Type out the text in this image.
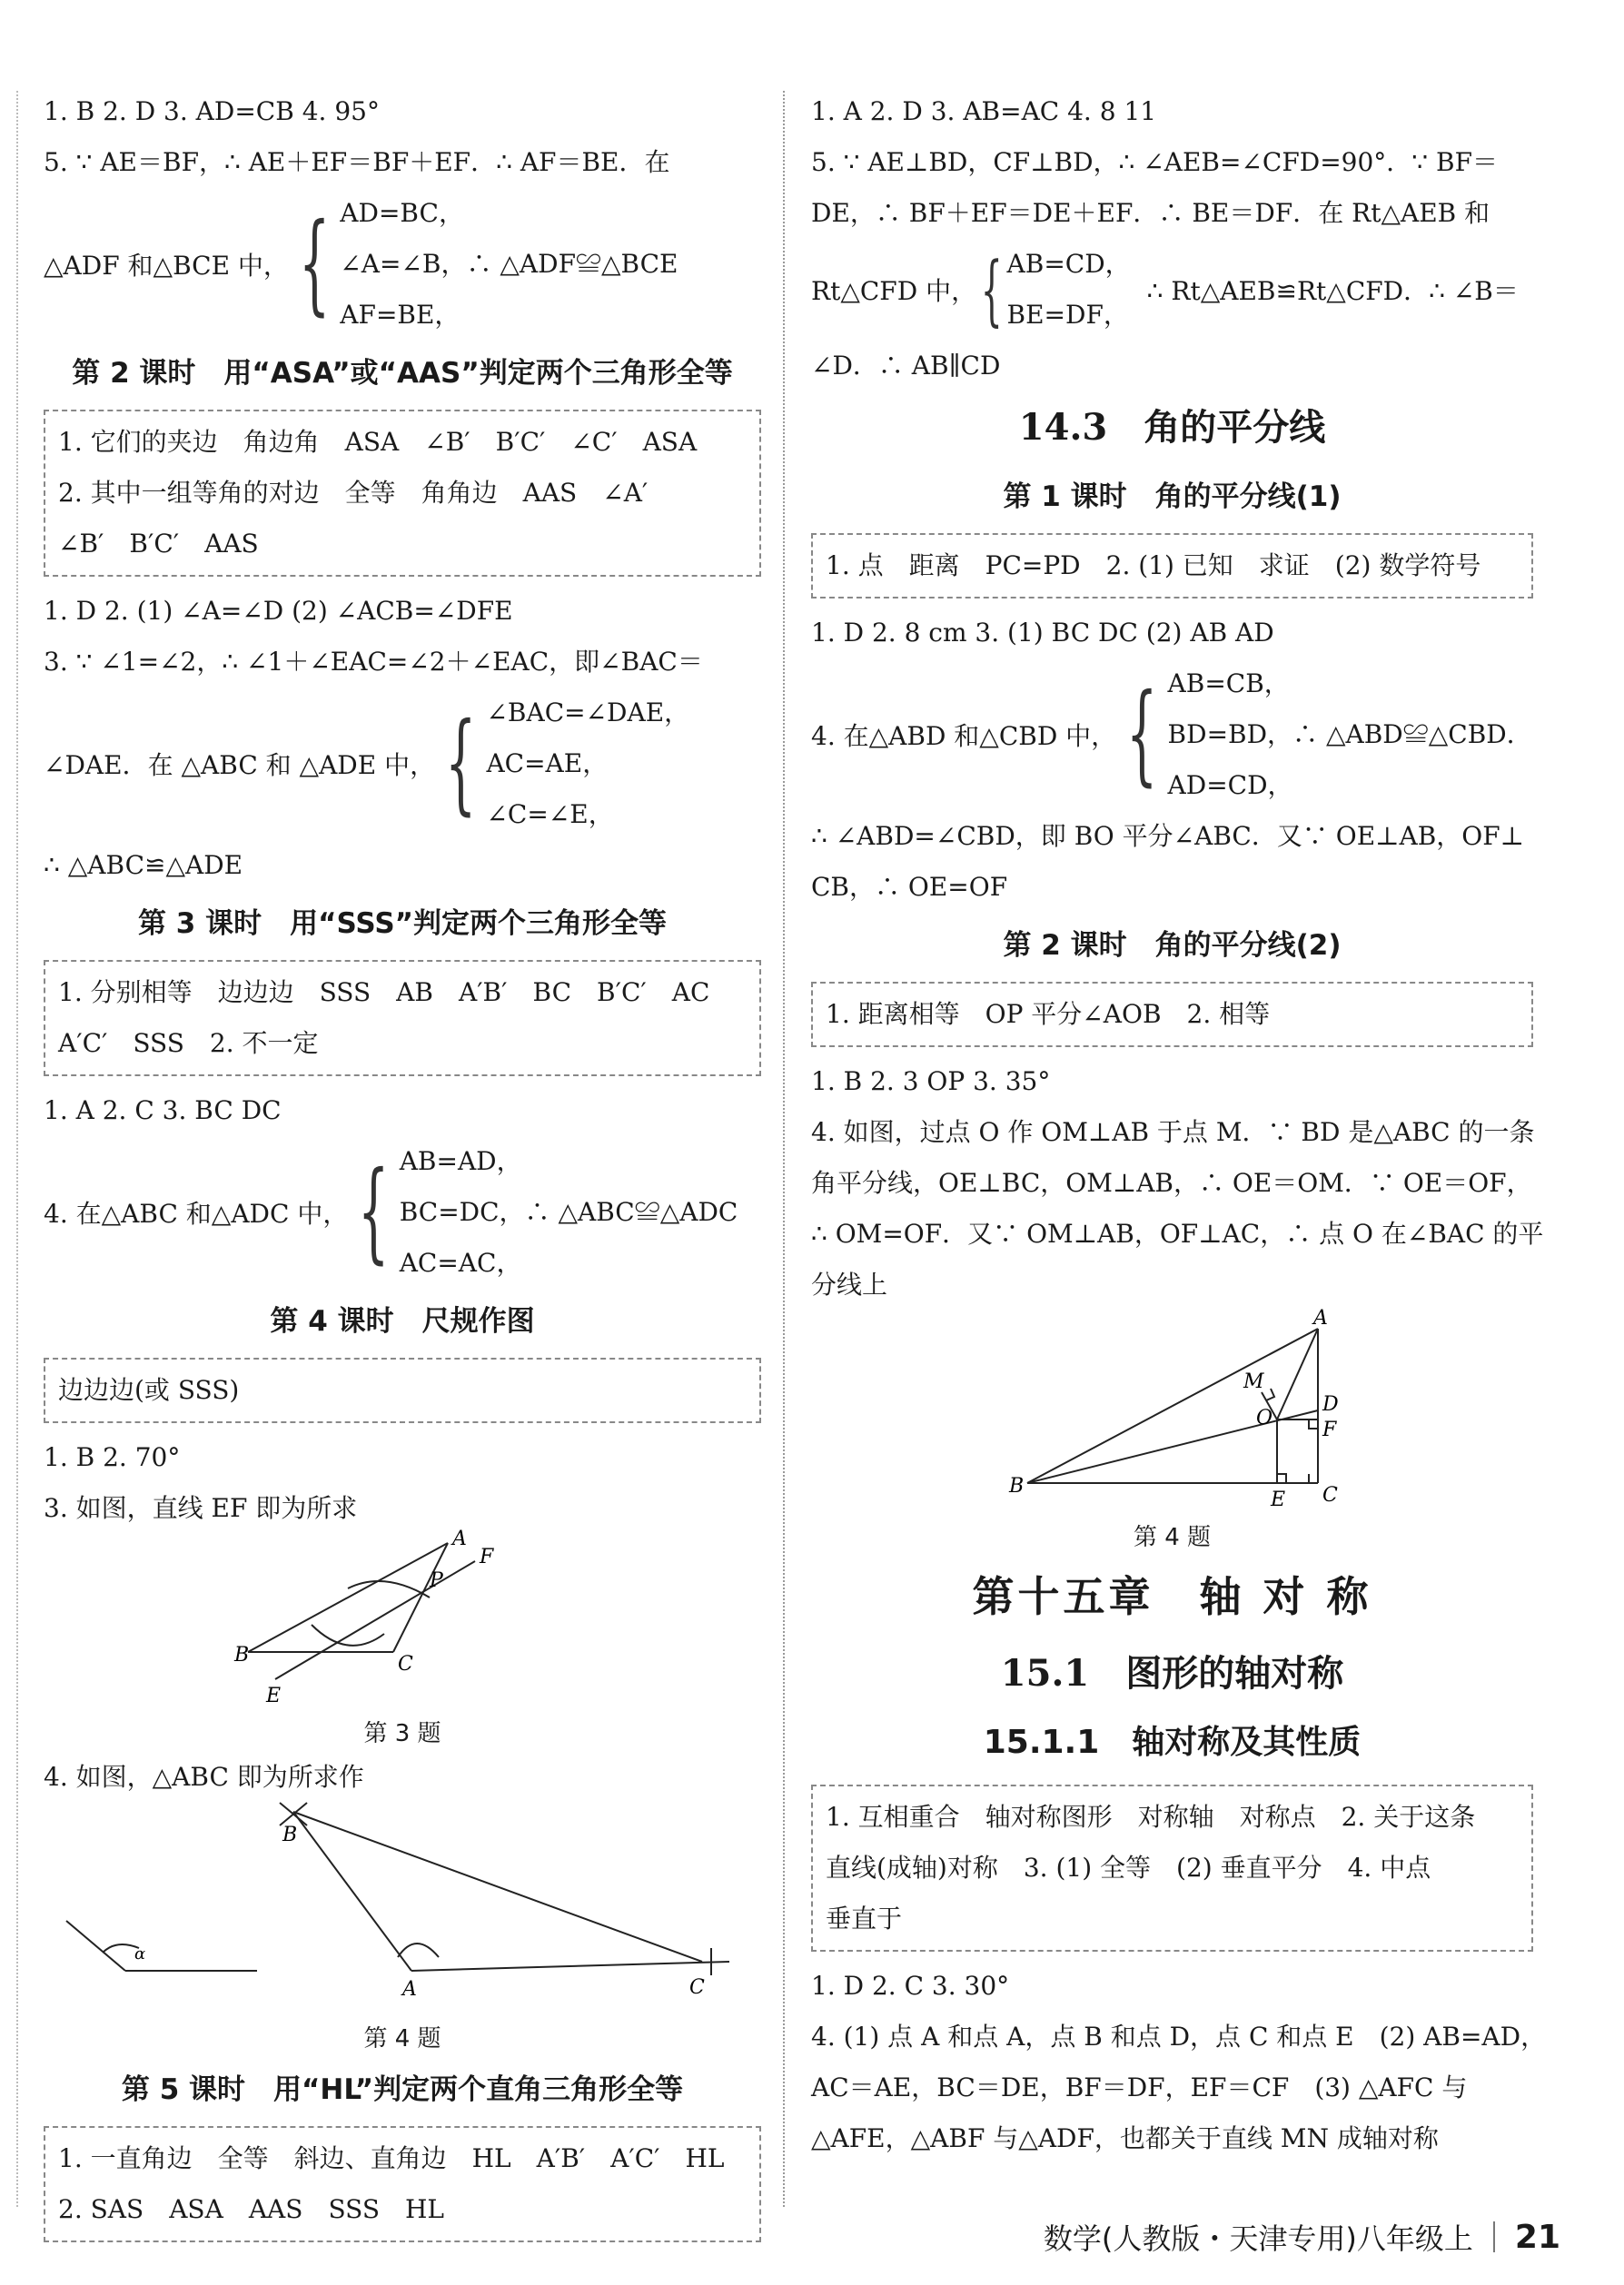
1. B 2. D 3. AD=CB 4. 95°
5. ∵ AE＝BF，∴ AE＋EF＝BF＋EF．∴ AF＝BE．在
△ADF 和△BCE 中， { AD=BC，
∠A=∠B，∴ △ADF≌△BCE
AF=BE，
第 2 课时　用“ASA”或“AAS”判定两个三角形全等
1. 它们的夹边　角边角　ASA　∠B′　B′C′　∠C′　ASA
2. 其中一组等角的对边　全等　角角边　AAS　∠A′
∠B′　B′C′　AAS
1. D 2. (1) ∠A=∠D (2) ∠ACB=∠DFE
3. ∵ ∠1=∠2，∴ ∠1＋∠EAC=∠2＋∠EAC，即∠BAC＝
∠DAE．在 △ABC 和 △ADE 中， { ∠BAC=∠DAE，
AC=AE，
∠C=∠E，
∴ △ABC≌△ADE
第 3 课时　用“SSS”判定两个三角形全等
1. 分别相等　边边边　SSS　AB　A′B′　BC　B′C′　AC
A′C′　SSS　2. 不一定
1. A 2. C 3. BC DC
4. 在△ABC 和△ADC 中， { AB=AD，
BC=DC，∴ △ABC≌△ADC
AC=AC，
第 4 课时　尺规作图
边边边(或 SSS)
1. B 2. 70°
3. 如图，直线 EF 即为所求
B
A
C
E
F
P
第 3 题
4. 如图，△ABC 即为所求作
α
B
A	C
第 4 题
第 5 课时　用“HL”判定两个直角三角形全等
1. 一直角边　全等　斜边、直角边　HL　A′B′　A′C′　HL
2. SAS　ASA　AAS　SSS　HL
1. A 2. D 3. AB=AC 4. 8 11
5. ∵ AE⊥BD，CF⊥BD，∴ ∠AEB=∠CFD=90°．∵ BF＝
DE，∴ BF＋EF＝DE＋EF．∴ BE＝DF．在 Rt△AEB 和
Rt△CFD 中， { AB=CD，
BE=DF，
∴ Rt△AEB≌Rt△CFD．∴ ∠B＝
∠D．∴ AB∥CD
14.3　角的平分线
第 1 课时　角的平分线(1)
1. 点　距离　PC=PD　2. (1) 已知　求证　(2) 数学符号
1. D 2. 8 cm 3. (1) BC DC (2) AB AD
4. 在△ABD 和△CBD 中， { AB=CB，
BD=BD，∴ △ABD≌△CBD．
AD=CD，
∴ ∠ABD=∠CBD，即 BO 平分∠ABC．又∵ OE⊥AB，OF⊥
CB，∴ OE=OF
第 2 课时　角的平分线(2)
1. 距离相等　OP 平分∠AOB　2. 相等
1. B 2. 3 OP 3. 35°
4. 如图，过点 O 作 OM⊥AB 于点 M．∵ BD 是△ABC 的一条
角平分线，OE⊥BC，OM⊥AB，∴ OE＝OM．∵ OE＝OF，
∴ OM=OF．又∵ OM⊥AB，OF⊥AC，∴ 点 O 在∠BAC 的平
分线上
B
A
C
D
E
F
M
O
第 4 题
第十五章　轴 对 称
15.1　图形的轴对称
15.1.1　轴对称及其性质
1. 互相重合　轴对称图形　对称轴　对称点　2. 关于这条
直线(成轴)对称　3. (1) 全等　(2) 垂直平分　4. 中点
垂直于
1. D 2. C 3. 30°
4. (1) 点 A 和点 A，点 B 和点 D，点 C 和点 E　(2) AB=AD，
AC＝AE，BC＝DE，BF＝DF，EF＝CF　(3) △AFC 与
△AFE，△ABF 与△ADF，也都关于直线 MN 成轴对称
数学(人教版・天津专用)八年级上 21
